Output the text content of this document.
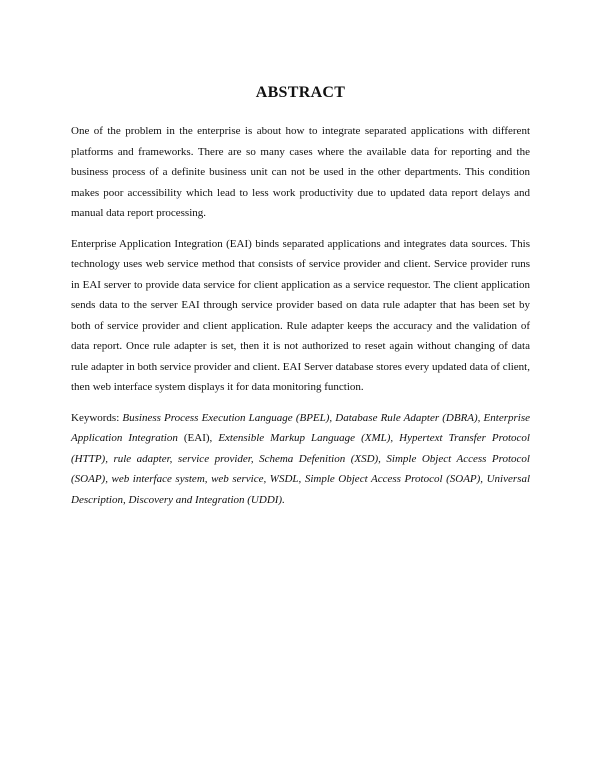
ABSTRACT

One of the problem in the enterprise is about how to integrate separated applications with different platforms and frameworks. There are so many cases where the available data for reporting and the business process of a definite business unit can not be used in the other departments. This condition makes poor accessibility which lead to less work productivity due to updated data report delays and manual data report processing.

Enterprise Application Integration (EAI) binds separated applications and integrates data sources. This technology uses web service method that consists of service provider and client. Service provider runs in EAI server to provide data service for client application as a service requestor. The client application sends data to the server EAI through service provider based on data rule adapter that has been set by both of service provider and client application. Rule adapter keeps the accuracy and the validation of data report. Once rule adapter is set, then it is not authorized to reset again without changing of data rule adapter in both service provider and client. EAI Server database stores every updated data of client, then web interface system displays it for data monitoring function.

Keywords: Business Process Execution Language (BPEL), Database Rule Adapter (DBRA), Enterprise Application Integration (EAI), Extensible Markup Language (XML), Hypertext Transfer Protocol (HTTP), rule adapter, service provider, Schema Defenition (XSD), Simple Object Access Protocol (SOAP), web interface system, web service, WSDL, Simple Object Access Protocol (SOAP), Universal Description, Discovery and Integration (UDDI).
